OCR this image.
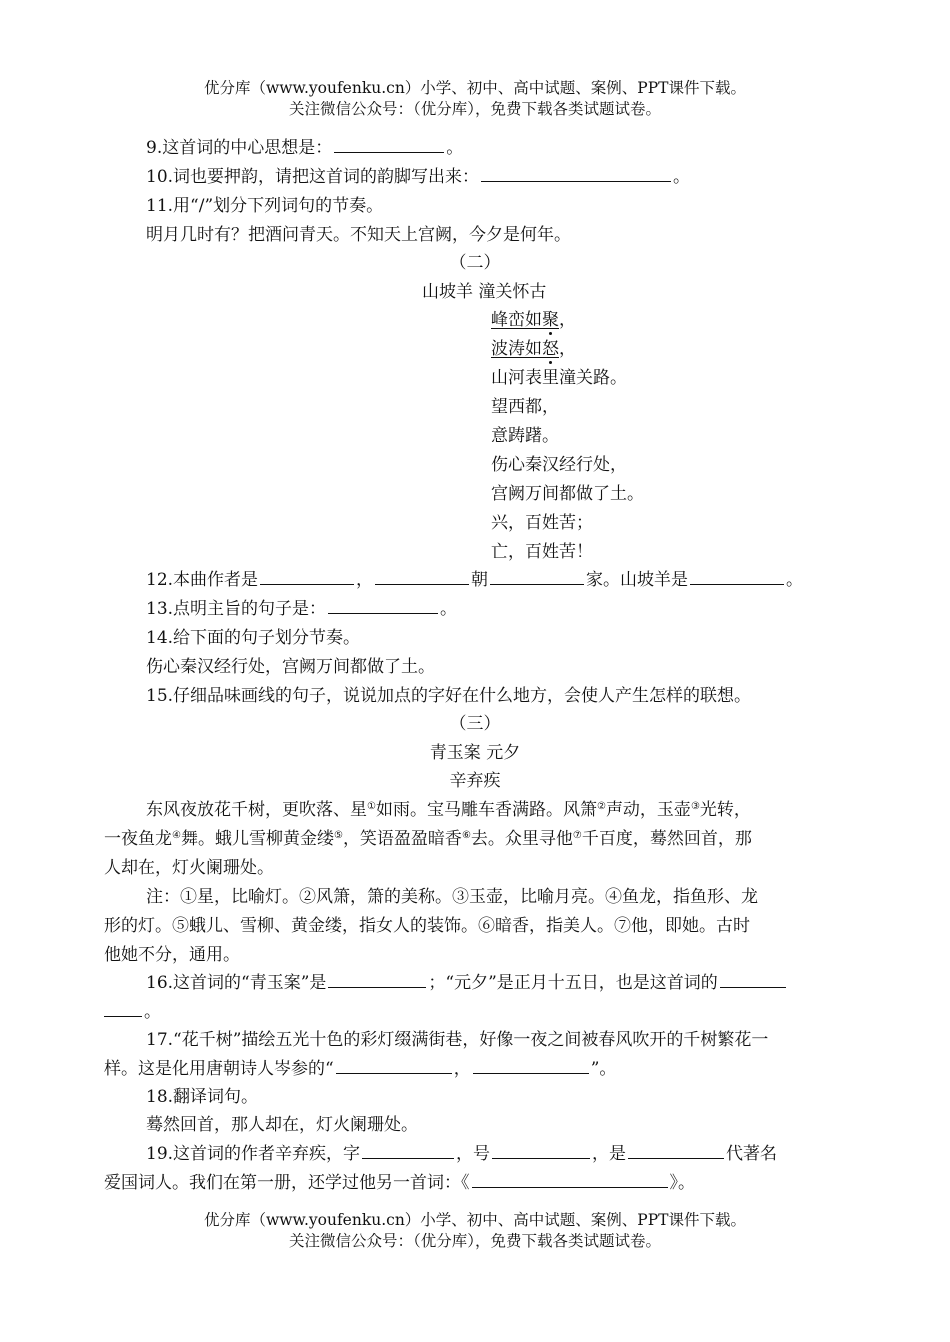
优分库（www.youfenku.cn）小学、初中、高中试题、案例、PPT课件下载。
关注微信公众号：（优分库），免费下载各类试题试卷。
9.这首词的中心思想是：	。
10.词也要押韵，请把这首词的韵脚写出来：	。
11.用“/”划分下列词句的节奏。
明月几时有？把酒问青天。不知天上宫阙，今夕是何年。
（二）
山坡羊 潼关怀古
峰峦如聚，
波涛如怒，
山河表里潼关路。
望西都，
意踌躇。
伤心秦汉经行处，
宫阙万间都做了土。
兴，百姓苦；
亡，百姓苦！
12.本曲作者是	，	朝	家。山坡羊是	。
13.点明主旨的句子是：	。
14.给下面的句子划分节奏。
伤心秦汉经行处，宫阙万间都做了土。
15.仔细品味画线的句子，说说加点的字好在什么地方，会使人产生怎样的联想。
（三）
青玉案 元夕
辛弃疾
东风夜放花千树，更吹落、星①如雨。宝马雕车香满路。风箫②声动，玉壶③光转，
一夜鱼龙④舞。蛾儿雪柳黄金缕⑤，笑语盈盈暗香⑥去。众里寻他⑦千百度，蓦然回首，那
人却在，灯火阑珊处。
注：①星，比喻灯。②风箫，箫的美称。③玉壶，比喻月亮。④鱼龙，指鱼形、龙
形的灯。⑤蛾儿、雪柳、黄金缕，指女人的装饰。⑥暗香，指美人。⑦他，即她。古时
他她不分，通用。
16.这首词的“青玉案”是	；“元夕”是正月十五日，也是这首词的
。
17.“花千树”描绘五光十色的彩灯缀满街巷，好像一夜之间被春风吹开的千树繁花一
样。这是化用唐朝诗人岑参的“	，	”。
18.翻译词句。
蓦然回首，那人却在，灯火阑珊处。
19.这首词的作者辛弃疾，字	，号	，是	代著名
爱国词人。我们在第一册，还学过他另一首词：《	》。
优分库（www.youfenku.cn）小学、初中、高中试题、案例、PPT课件下载。
关注微信公众号：（优分库），免费下载各类试题试卷。
